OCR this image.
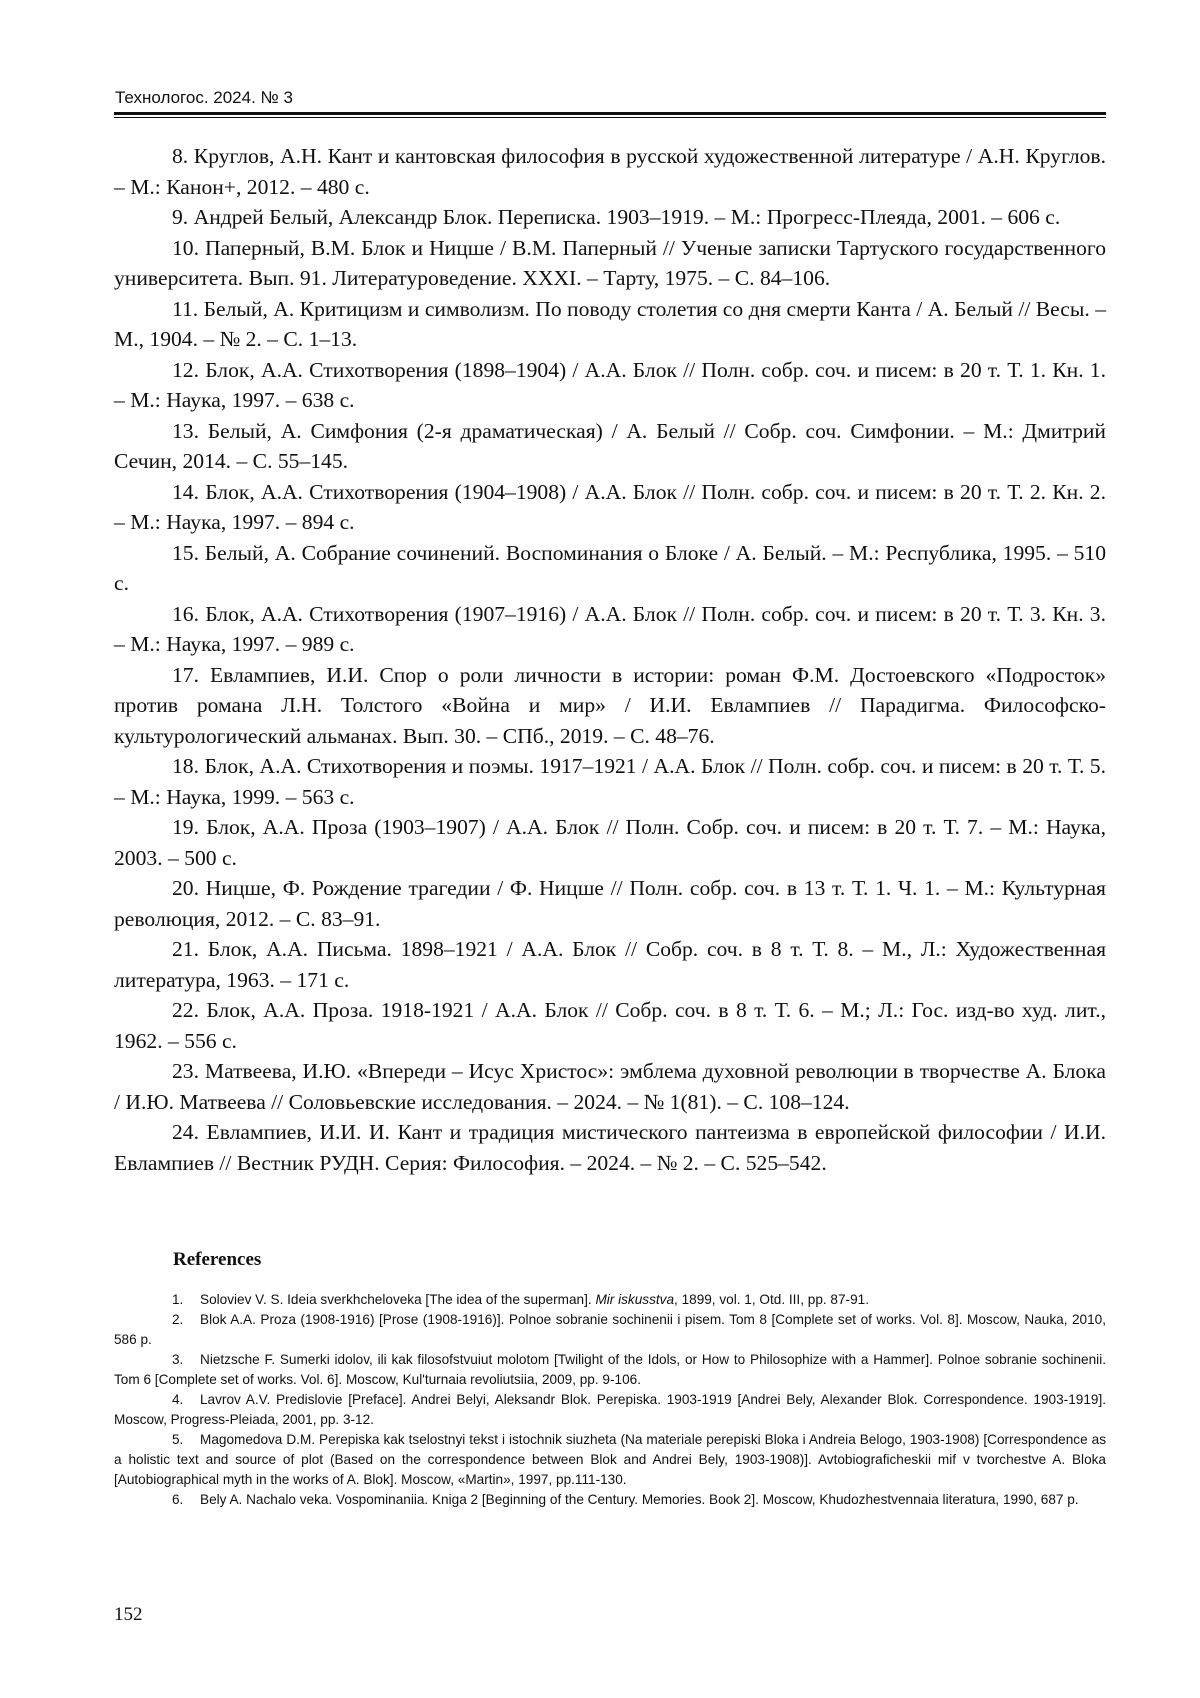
Технологос. 2024. № 3

8. Круглов, А.Н. Кант и кантовская философия в русской художественной литературе / А.Н. Круглов. – М.: Канон+, 2012. – 480 с.

9. Андрей Белый, Александр Блок. Переписка. 1903–1919. – М.: Прогресс-Плеяда, 2001. – 606 с.

10. Паперный, В.М. Блок и Ницше / В.М. Паперный // Ученые записки Тартуского государственного университета. Вып. 91. Литературоведение. XXXI. – Тарту, 1975. – С. 84–106.

11. Белый, А. Критицизм и символизм. По поводу столетия со дня смерти Канта / А. Белый // Весы. – М., 1904. – № 2. – С. 1–13.

12. Блок, А.А. Стихотворения (1898–1904) / А.А. Блок // Полн. собр. соч. и писем: в 20 т. Т. 1. Кн. 1. – М.: Наука, 1997. – 638 с.

13. Белый, А. Симфония (2-я драматическая) / А. Белый // Собр. соч. Симфонии. – М.: Дмитрий Сечин, 2014. – С. 55–145.

14. Блок, А.А. Стихотворения (1904–1908) / А.А. Блок // Полн. собр. соч. и писем: в 20 т. Т. 2. Кн. 2. – М.: Наука, 1997. – 894 с.

15. Белый, А. Собрание сочинений. Воспоминания о Блоке / А. Белый. – М.: Республика, 1995. – 510 с.

16. Блок, А.А. Стихотворения (1907–1916) / А.А. Блок // Полн. собр. соч. и писем: в 20 т. Т. 3. Кн. 3. – М.: Наука, 1997. – 989 с.

17. Евлампиев, И.И. Спор о роли личности в истории: роман Ф.М. Достоевского «Подросток» против романа Л.Н. Толстого «Война и мир» / И.И. Евлампиев // Парадигма. Философско-культурологический альманах. Вып. 30. – СПб., 2019. – С. 48–76.

18. Блок, А.А. Стихотворения и поэмы. 1917–1921 / А.А. Блок // Полн. собр. соч. и писем: в 20 т. Т. 5. – М.: Наука, 1999. – 563 с.

19. Блок, А.А. Проза (1903–1907) / А.А. Блок // Полн. Собр. соч. и писем: в 20 т. Т. 7. – М.: Наука, 2003. – 500 с.

20. Ницше, Ф. Рождение трагедии / Ф. Ницше // Полн. собр. соч. в 13 т. Т. 1. Ч. 1. – М.: Культурная революция, 2012. – С. 83–91.

21. Блок, А.А. Письма. 1898–1921 / А.А. Блок // Собр. соч. в 8 т. Т. 8. – М., Л.: Художественная литература, 1963. – 171 с.

22. Блок, А.А. Проза. 1918-1921 / А.А. Блок // Собр. соч. в 8 т. Т. 6. – М.; Л.: Гос. изд-во худ. лит., 1962. – 556 с.

23. Матвеева, И.Ю. «Впереди – Исус Христос»: эмблема духовной революции в творчестве А. Блока / И.Ю. Матвеева // Соловьевские исследования. – 2024. – № 1(81). – С. 108–124.

24. Евлампиев, И.И. И. Кант и традиция мистического пантеизма в европейской философии / И.И. Евлампиев // Вестник РУДН. Серия: Философия. – 2024. – № 2. – С. 525–542.

References

1. Soloviev V. S. Ideia sverkhcheloveka [The idea of the superman]. Mir iskusstva, 1899, vol. 1, Otd. III, pp. 87-91.

2. Blok A.A. Proza (1908-1916) [Prose (1908-1916)]. Polnoe sobranie sochinenii i pisem. Tom 8 [Complete set of works. Vol. 8]. Moscow, Nauka, 2010, 586 p.

3. Nietzsche F. Sumerki idolov, ili kak filosofstvuiut molotom [Twilight of the Idols, or How to Philosophize with a Hammer]. Polnoe sobranie sochinenii. Tom 6 [Complete set of works. Vol. 6]. Moscow, Kul'turnaia revoliutsiia, 2009, pp. 9-106.

4. Lavrov A.V. Predislovie [Preface]. Andrei Belyi, Aleksandr Blok. Perepiska. 1903-1919 [Andrei Bely, Alexander Blok. Correspondence. 1903-1919]. Moscow, Progress-Pleiada, 2001, pp. 3-12.

5. Magomedova D.M. Perepiska kak tselostnyi tekst i istochnik siuzheta (Na materiale perepiski Bloka i Andreia Belogo, 1903-1908) [Correspondence as a holistic text and source of plot (Based on the correspondence between Blok and Andrei Bely, 1903-1908)]. Avtobiograficheskii mif v tvorchestve A. Bloka [Autobiographical myth in the works of A. Blok]. Moscow, «Martin», 1997, pp.111-130.

6. Bely A. Nachalo veka. Vospominaniia. Kniga 2 [Beginning of the Century. Memories. Book 2]. Moscow, Khudozhestvennaia literatura, 1990, 687 p.

152
